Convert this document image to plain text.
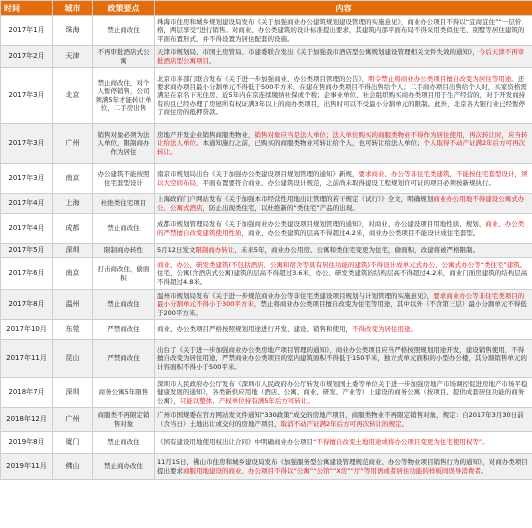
时间	城市	政策要点	内容
2017年1月	珠海	禁止商改住	珠海市住房和城乡规划建设局发布《关于加强商业办公建筑规划建设管理的实施意见》，商业办公项目不得以“宜商宜住”“一层价格，两层享受”进行销售。对商业、办公类建筑的设计标准提出要求，其建筑内部平面布局不得采用类似住宅、别墅等居住建筑的平面布置形式，并不得设置为居住配套的设施。
2017年2月	天津	不再审批酒店式公寓	天津市规划局、市国土房管局、市建委联合发出《关于加强我市酒店型公寓规划建设管理相关文件失效的通知》，今后天津不再审批酒店型公寓项目。
2017年3月	北京	禁止商改住，对个人暂停销售，公司须满5年才能转让单位，二手房出售	北京市多部门联合发布《关于进一步加强商业、办公类项目管理的公告》，明令禁止将商业办公类项目擅自改变为居住等用途。还要求商办项目最小分割单元不得低于500平方米，在建在售商办类项目不得出售给个人；二手商办项目出售给个人时，买家资格需满足在京名下无住房、近5年内在京连续缴纳社保或个税；企事业单位、社会组织购买商办类项目用于生产经营的，对于开发商持有的且已经办理了房屋所有权证满3年以上的商办类项目，出售时可以不受最小分割单元的限制。此外，北京各大银行业已经暂停了商住房的抵押贷款。
2017年3月	广州	销售对象必须为法人单位，限制商办作为居住	房地产开发企业销售商服类物业，销售对象应当是法人单位；法人单位购买的商服类物业不得作为居住使用，再次转让时，应当转让给法人单位。本通知施行之前，已购买的商服类物业可转让给个人，也可转让给法人单位；个人取得不动产证满2年后方可再次转让。
2017年3月	南京	办公建筑不能按照住宅套型设计	南京市规划局出台《关于加强办公类建设项目规划管理的通知》新规，要求商业、办公等非住宅类建筑，不能按住宅套型设计，须以大空间布局，平面布置要符合商业、办公建筑设计规范，之前尚未取得建设工程规划许可证的项目必须按新规执行。
2017年4月	上海	杜绝类住宅项目	上海政府门户网站发布《关于加强本市经营性用地出让管理的若干规定（试行）》全文，明确规划商业办公用地不得建设公寓式办公、公寓式酒店，防止出现类住宅，以杜绝新的“类住宅”产品的出现。
2017年4月	成都	禁止商改住	成都市规划管理局发布《关于加强商业办公类建设项目规划管理的通知》，对商业、办公建设项目用地性质、规划、商业、办公类的严禁擅自改变建筑使用性质，商业、办公类建筑的层高不得超过4.2米，商业办公类项目不能设计成住宅套型。
2017年5月	深圳	限制商办转性	5月12日发文限制商办转让，未来5年，商业办公用房、公寓和类住宅变更为住宅，偷面积，改建将被严格限制。
2017年6月	南京	打击商改住，偷面积	商业、办公、研发类建筑(不包括酒店、公寓和宿舍等具有居住功能的建筑)不得设计成单元式办公、公寓式办公等“类住宅”建筑。住宅、公寓(含酒店式公寓)建筑的层高不得超过3.6米，办公、研发类建筑的结构层高不得超过4.2米，商业门面房建筑的结构层高不得超过4.8米。
2017年8月	温州	禁止商改住	温州市规划局发布《关于进一步规范商业办公等非住宅类建设项目规划与计划管理的实施意见》，要求商业办公等非住宅类项目的最小分割单元不得小于300平方米，禁止将商业办公类项目擅自改变为住宅等用途，其中以外（不含第三层）最小分割单元不得低于200平方米。
2017年10月	东莞	严禁商改住	商业、办公类项目严格按照规划用途进行开发、建设、销售和使用，不得改变为居住用途。
2017年11月	昆山	严禁商改住	出台了《关于进一步加强商业办公类房地产项目管理的通知》，商业办公类项目应当严格按照规划用途开发，建设销售使用，不得擅自改变为居住用途，严禁商业办公类项目的室内建筑面积不得低于150平米，独立式单元面积的小型办公楼，其分割销售单元的计容面积不得小于500平米。
2018年7月	深圳	商务公寓5年限售	深圳市人民政府办公厅发布《深圳市人民政府办公厅转发市规划国土委等单位关于进一步加强房地产市场调控促进房地产市场平稳健康发展的通知》，各类新供应用地（酒店、公寓、商业、研发、产业等）上建设的商务公寓（按项目、提供成套居住功能的商务公寓），只能以整体、产权单位持有满5年后方可转让。
2018年12月	广州	商服类不再限定销售对象	广州市国规委在官方网站发文件通知“330政策”成交的房地产项目，商服类物业不再限定销售对象，规定：自2017年3月30日前（含当日）土地出让或交付的房地产项目，取消不动产证满2年后方可再次转让的规定。
2019年8月	厦门	禁止商改住	《国有建设用地使用权出让合同》中明确商业办公项目“不得擅自改变土地用途或将办公项目变更为住宅使用权等”。
2019年11月	佛山	禁止商办改住	11月15日，佛山市住房和城乡建设局发布《加强服务型公寓建设管理规范商业、办公等物业项目销售行为的通知》，对商办类项目提出要求商服用地建设的商业、办公项目不得以“公寓”“公馆”“X房”“厅”等用语或者居住功能的样板间误导消费者。
